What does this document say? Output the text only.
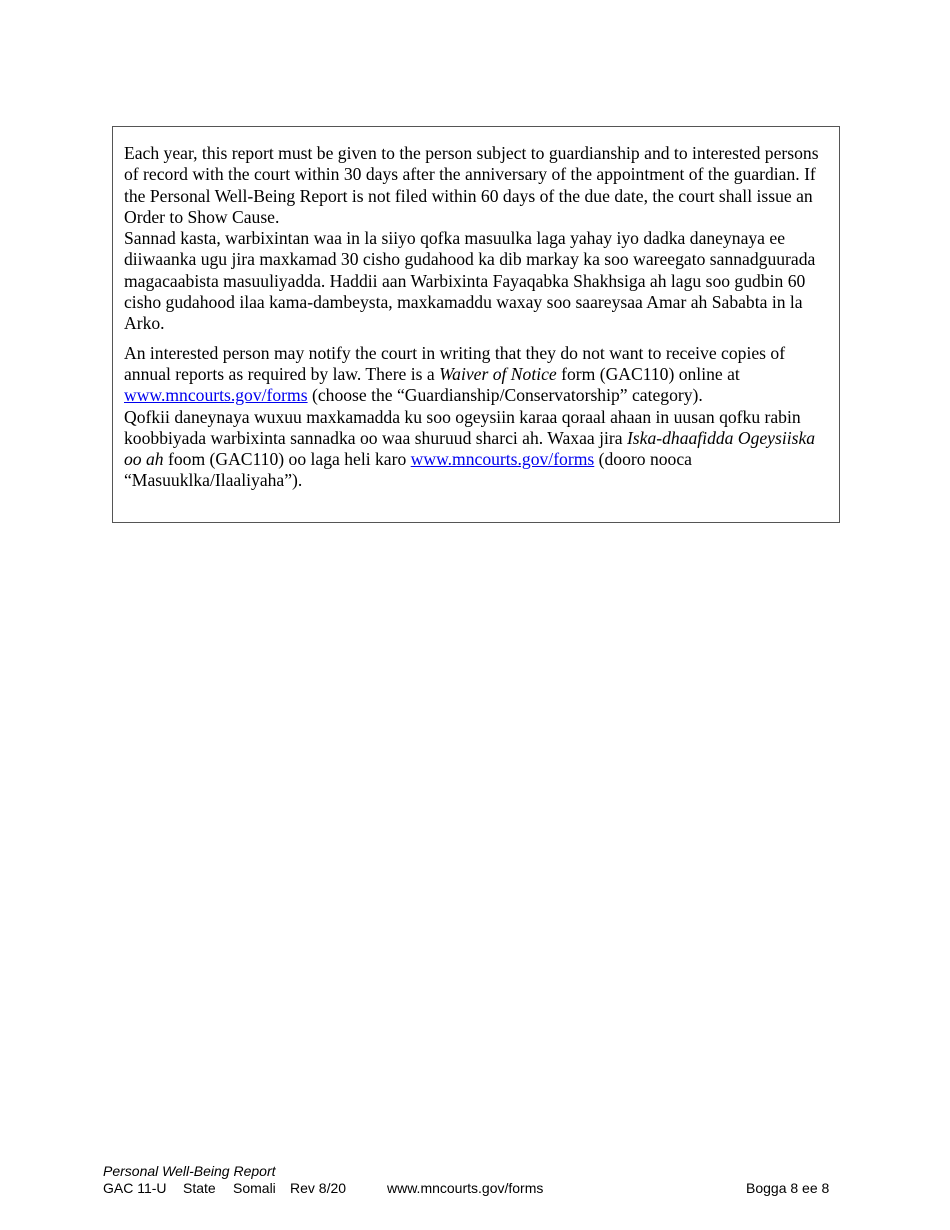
Each year, this report must be given to the person subject to guardianship and to interested persons of record with the court within 30 days after the anniversary of the appointment of the guardian. If the Personal Well-Being Report is not filed within 60 days of the due date, the court shall issue an Order to Show Cause.
Sannad kasta, warbixintan waa in la siiyo qofka masuulka laga yahay iyo dadka daneynaya ee diiwaanka ugu jira maxkamad 30 cisho gudahood ka dib markay ka soo wareegato sannadguurada magacaabista masuuliyadda. Haddii aan Warbixinta Fayaqabka Shakhsiga ah lagu soo gudbin 60 cisho gudahood ilaa kama-dambeysta, maxkamaddu waxay soo saareysaa Amar ah Sababta in la Arko.

An interested person may notify the court in writing that they do not want to receive copies of annual reports as required by law. There is a Waiver of Notice form (GAC110) online at www.mncourts.gov/forms (choose the “Guardianship/Conservatorship” category).
Qofkii daneynaya wuxuu maxkamadda ku soo ogeysiin karaa qoraal ahaan in uusan qofku rabin koobbiyada warbixinta sannadka oo waa shuruud sharci ah. Waxaa jira Iska-dhaafidda Ogeysiiska oo ah foom (GAC110) oo laga heli karo www.mncourts.gov/forms (dooro nooca “Masuuklka/Ilaaliyaha”).

Personal Well-Being Report
GAC 11-U State Somali Rev 8/20	www.mncourts.gov/forms	Bogga 8 ee 8
